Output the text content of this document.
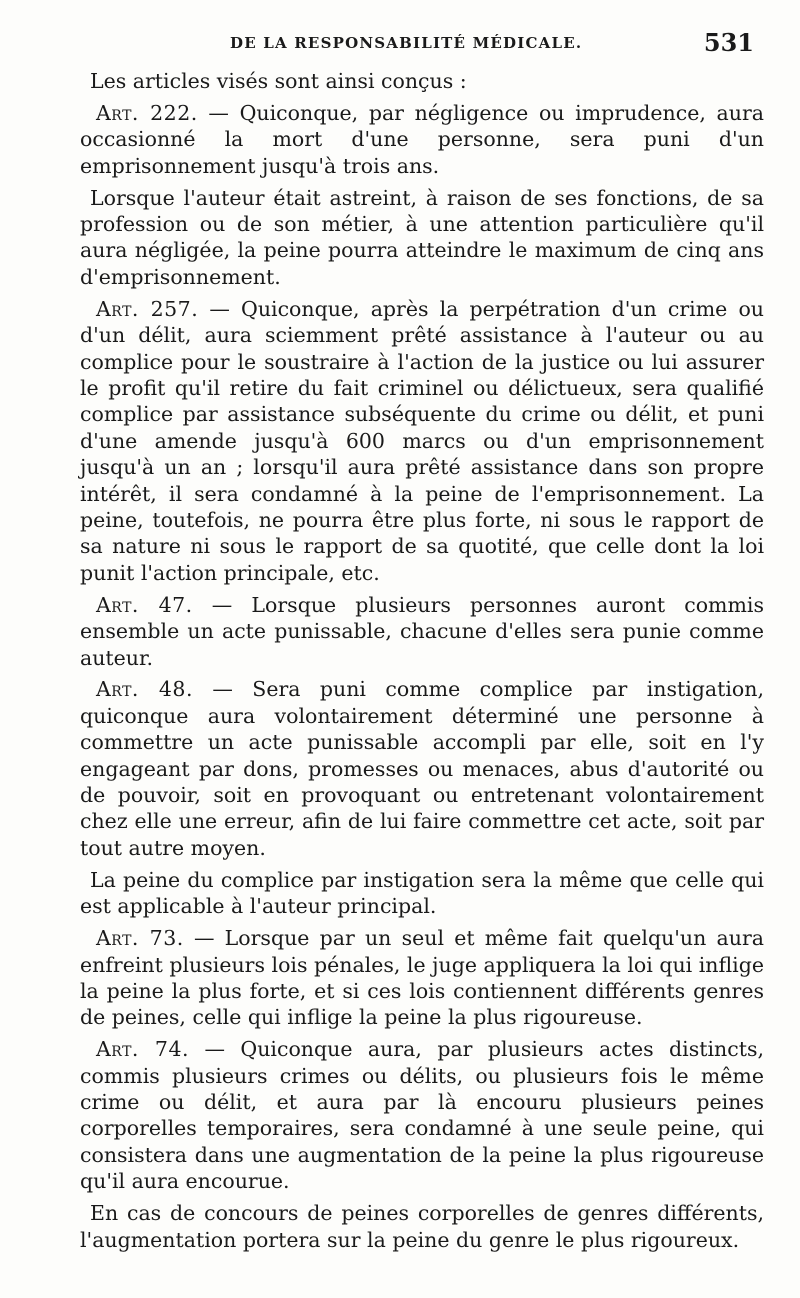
DE LA RESPONSABILITÉ MÉDICALE.	531

Les articles visés sont ainsi conçus :

Art. 222. — Quiconque, par négligence ou imprudence, aura occasionné la mort d'une personne, sera puni d'un emprisonnement jusqu'à trois ans.

Lorsque l'auteur était astreint, à raison de ses fonctions, de sa profession ou de son métier, à une attention particulière qu'il aura négligée, la peine pourra atteindre le maximum de cinq ans d'emprisonnement.

Art. 257. — Quiconque, après la perpétration d'un crime ou d'un délit, aura sciemment prêté assistance à l'auteur ou au complice pour le soustraire à l'action de la justice ou lui assurer le profit qu'il retire du fait criminel ou délictueux, sera qualifié complice par assistance subséquente du crime ou délit, et puni d'une amende jusqu'à 600 marcs ou d'un emprisonnement jusqu'à un an ; lorsqu'il aura prêté assistance dans son propre intérêt, il sera condamné à la peine de l'emprisonnement. La peine, toutefois, ne pourra être plus forte, ni sous le rapport de sa nature ni sous le rapport de sa quotité, que celle dont la loi punit l'action principale, etc.

Art. 47. — Lorsque plusieurs personnes auront commis ensemble un acte punissable, chacune d'elles sera punie comme auteur.

Art. 48. — Sera puni comme complice par instigation, quiconque aura volontairement déterminé une personne à commettre un acte punissable accompli par elle, soit en l'y engageant par dons, promesses ou menaces, abus d'autorité ou de pouvoir, soit en provoquant ou entretenant volontairement chez elle une erreur, afin de lui faire commettre cet acte, soit par tout autre moyen.

La peine du complice par instigation sera la même que celle qui est applicable à l'auteur principal.

Art. 73. — Lorsque par un seul et même fait quelqu'un aura enfreint plusieurs lois pénales, le juge appliquera la loi qui inflige la peine la plus forte, et si ces lois contiennent différents genres de peines, celle qui inflige la peine la plus rigoureuse.

Art. 74. — Quiconque aura, par plusieurs actes distincts, commis plusieurs crimes ou délits, ou plusieurs fois le même crime ou délit, et aura par là encouru plusieurs peines corporelles temporaires, sera condamné à une seule peine, qui consistera dans une augmentation de la peine la plus rigoureuse qu'il aura encourue.

En cas de concours de peines corporelles de genres différents, l'augmentation portera sur la peine du genre le plus rigoureux.
